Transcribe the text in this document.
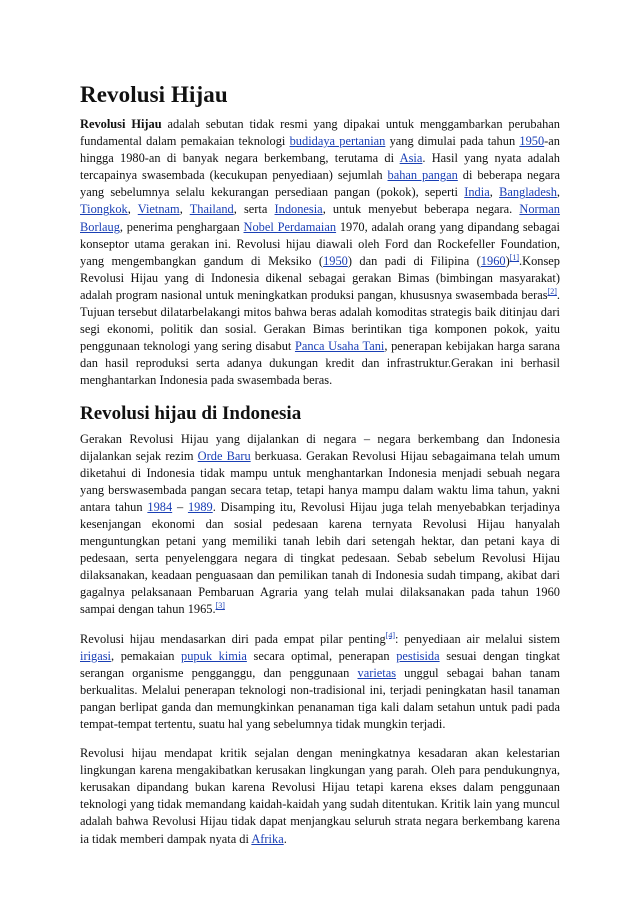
Revolusi Hijau

Revolusi Hijau adalah sebutan tidak resmi yang dipakai untuk menggambarkan perubahan fundamental dalam pemakaian teknologi budidaya pertanian yang dimulai pada tahun 1950-an hingga 1980-an di banyak negara berkembang, terutama di Asia. Hasil yang nyata adalah tercapainya swasembada (kecukupan penyediaan) sejumlah bahan pangan di beberapa negara yang sebelumnya selalu kekurangan persediaan pangan (pokok), seperti India, Bangladesh, Tiongkok, Vietnam, Thailand, serta Indonesia, untuk menyebut beberapa negara. Norman Borlaug, penerima penghargaan Nobel Perdamaian 1970, adalah orang yang dipandang sebagai konseptor utama gerakan ini. Revolusi hijau diawali oleh Ford dan Rockefeller Foundation, yang mengembangkan gandum di Meksiko (1950) dan padi di Filipina (1960)[1].Konsep Revolusi Hijau yang di Indonesia dikenal sebagai gerakan Bimas (bimbingan masyarakat) adalah program nasional untuk meningkatkan produksi pangan, khususnya swasembada beras[2]. Tujuan tersebut dilatarbelakangi mitos bahwa beras adalah komoditas strategis baik ditinjau dari segi ekonomi, politik dan sosial. Gerakan Bimas berintikan tiga komponen pokok, yaitu penggunaan teknologi yang sering disabut Panca Usaha Tani, penerapan kebijakan harga sarana dan hasil reproduksi serta adanya dukungan kredit dan infrastruktur.Gerakan ini berhasil menghantarkan Indonesia pada swasembada beras.

Revolusi hijau di Indonesia

Gerakan Revolusi Hijau yang dijalankan di negara – negara berkembang dan Indonesia dijalankan sejak rezim Orde Baru berkuasa. Gerakan Revolusi Hijau sebagaimana telah umum diketahui di Indonesia tidak mampu untuk menghantarkan Indonesia menjadi sebuah negara yang berswasembada pangan secara tetap, tetapi hanya mampu dalam waktu lima tahun, yakni antara tahun 1984 – 1989. Disamping itu, Revolusi Hijau juga telah menyebabkan terjadinya kesenjangan ekonomi dan sosial pedesaan karena ternyata Revolusi Hijau hanyalah menguntungkan petani yang memiliki tanah lebih dari setengah hektar, dan petani kaya di pedesaan, serta penyelenggara negara di tingkat pedesaan. Sebab sebelum Revolusi Hijau dilaksanakan, keadaan penguasaan dan pemilikan tanah di Indonesia sudah timpang, akibat dari gagalnya pelaksanaan Pembaruan Agraria yang telah mulai dilaksanakan pada tahun 1960 sampai dengan tahun 1965.[3]

Revolusi hijau mendasarkan diri pada empat pilar penting[4]: penyediaan air melalui sistem irigasi, pemakaian pupuk kimia secara optimal, penerapan pestisida sesuai dengan tingkat serangan organisme pengganggu, dan penggunaan varietas unggul sebagai bahan tanam berkualitas. Melalui penerapan teknologi non-tradisional ini, terjadi peningkatan hasil tanaman pangan berlipat ganda dan memungkinkan penanaman tiga kali dalam setahun untuk padi pada tempat-tempat tertentu, suatu hal yang sebelumnya tidak mungkin terjadi.

Revolusi hijau mendapat kritik sejalan dengan meningkatnya kesadaran akan kelestarian lingkungan karena mengakibatkan kerusakan lingkungan yang parah. Oleh para pendukungnya, kerusakan dipandang bukan karena Revolusi Hijau tetapi karena ekses dalam penggunaan teknologi yang tidak memandang kaidah-kaidah yang sudah ditentukan. Kritik lain yang muncul adalah bahwa Revolusi Hijau tidak dapat menjangkau seluruh strata negara berkembang karena ia tidak memberi dampak nyata di Afrika.
